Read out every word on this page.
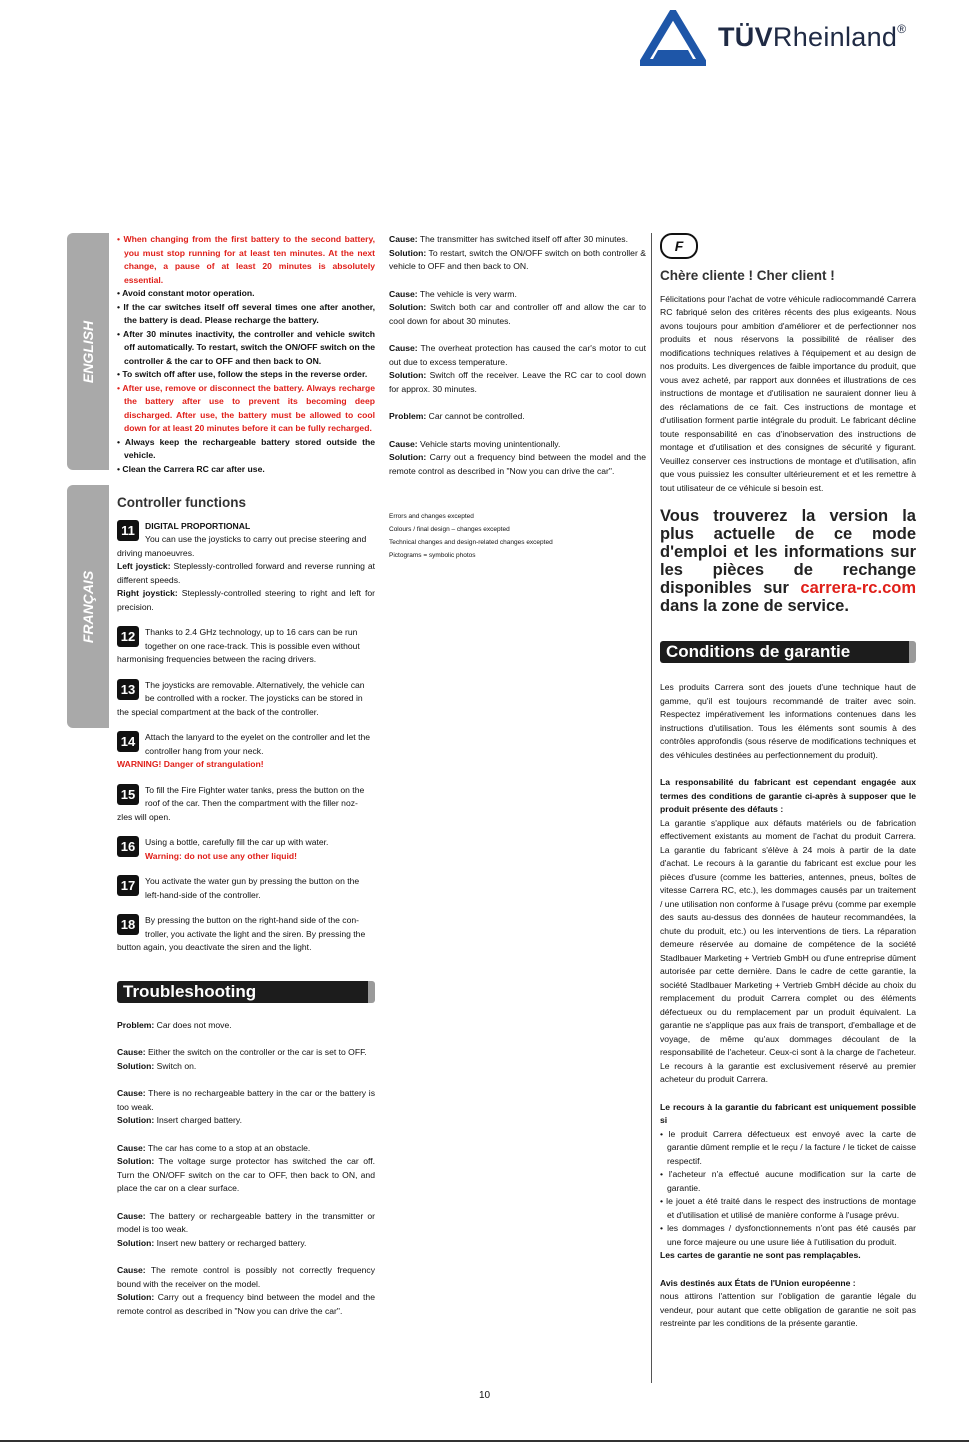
TÜVRheinland®
ENGLISH
FRANÇAIS

• When changing from the first battery to the second battery, you must stop running for at least ten minutes. At the next change, a pause of at least 20 minutes is absolutely essential.

• Avoid constant motor operation.

• If the car switches itself off several times one after another, the battery is dead. Please recharge the battery.

• After 30 minutes inactivity, the controller and vehicle switch off automatically. To restart, switch the ON/OFF switch on the controller & the car to OFF and then back to ON.

• To switch off after use, follow the steps in the reverse order.

• After use, remove or disconnect the battery. Always recharge the battery after use to prevent its becoming deep discharged. After use, the battery must be allowed to cool down for at least 20 minutes before it can be fully recharged.

• Always keep the rechargeable battery stored outside the vehicle.

• Clean the Carrera RC car after use.

Controller functions
11	DIGITAL PROPORTIONAL
You can use the joysticks to carry out precise steering and
driving manoeuvres.

Left joystick: Steplessly-controlled forward and reverse running at different speeds.

Right joystick: Steplessly-controlled steering to right and left for precision.

12	Thanks to 2.4 GHz technology, up to 16 cars can be run
together on one race-track. This is possible even without
harmonising frequencies between the racing drivers.
13	The joysticks are removable. Alternatively, the vehicle can
be controlled with a rocker. The joysticks can be stored in
the special compartment at the back of the controller.
14	Attach the lanyard to the eyelet on the controller and let the
controller hang from your neck.
WARNING! Danger of strangulation!
15	To fill the Fire Fighter water tanks, press the button on the
roof of the car. Then the compartment with the filler noz-
zles will open.
16	Using a bottle, carefully fill the car up with water.
Warning: do not use any other liquid!
17	You activate the water gun by pressing the button on the
left-hand-side of the controller.
18	By pressing the button on the right-hand side of the con-
troller, you activate the light and the siren. By pressing the
button again, you deactivate the siren and the light.
Troubleshooting

Problem: Car does not move.

Cause: Either the switch on the controller or the car is set to OFF.

Solution: Switch on.

Cause: There is no rechargeable battery in the car or the battery is too weak.

Solution: Insert charged battery.

Cause: The car has come to a stop at an obstacle.

Solution: The voltage surge protector has switched the car off. Turn the ON/OFF switch on the car to OFF, then back to ON, and place the car on a clear surface.

Cause: The battery or rechargeable battery in the transmitter or model is too weak.

Solution: Insert new battery or recharged battery.

Cause: The remote control is possibly not correctly frequency bound with the receiver on the model.

Solution: Carry out a frequency bind between the model and the remote control as described in "Now you can drive the car".

Cause: The transmitter has switched itself off after 30 minutes.

Solution: To restart, switch the ON/OFF switch on both controller & vehicle to OFF and then back to ON.

Cause: The vehicle is very warm.

Solution: Switch both car and controller off and allow the car to cool down for about 30 minutes.

Cause: The overheat protection has caused the car's motor to cut out due to excess temperature.

Solution: Switch off the receiver. Leave the RC car to cool down for approx. 30 minutes.

Problem: Car cannot be controlled.

Cause: Vehicle starts moving unintentionally.

Solution: Carry out a frequency bind between the model and the remote control as described in "Now you can drive the car".

Errors and changes excepted

Colours / final design – changes excepted

Technical changes and design-related changes excepted

Pictograms = symbolic photos

F
Chère cliente ! Cher client !

Félicitations pour l'achat de votre véhicule radiocommandé Carrera RC fabriqué selon des critères récents des plus exigeants. Nous avons toujours pour ambition d'améliorer et de perfectionner nos produits et nous réservons la possibilité de réaliser des modifications techniques relatives à l'équipement et au design de nos produits. Les divergences de faible importance du produit, que vous avez acheté, par rapport aux données et illustrations de ces instructions de montage et d'utilisation ne sauraient donner lieu à des réclamations de ce fait. Ces instructions de montage et d'utilisation forment partie intégrale du produit. Le fabricant décline toute responsabilité en cas d'inobservation des instructions de montage et d'utilisation et des consignes de sécurité y figurant. Veuillez conserver ces instructions de montage et d'utilisation, afin que vous puissiez les consulter ultérieurement et et les remettre à tout utilisateur de ce véhicule si besoin est.

Vous trouverez la version la plus actuelle de ce mode d'emploi et les informations sur les pièces de rechange disponibles sur carrera-rc.com dans la zone de service.
Conditions de garantie

Les produits Carrera sont des jouets d'une technique haut de gamme, qu'il est toujours recommandé de traiter avec soin. Respectez impérativement les informations contenues dans les instructions d'utilisation. Tous les éléments sont soumis à des contrôles approfondis (sous réserve de modifications techniques et des véhicules destinées au perfectionnement du produit).

La responsabilité du fabricant est cependant engagée aux termes des conditions de garantie ci-après à supposer que le produit présente des défauts :

La garantie s'applique aux défauts matériels ou de fabrication effectivement existants au moment de l'achat du produit Carrera. La garantie du fabricant s'élève à 24 mois à partir de la date d'achat. Le recours à la garantie du fabricant est exclue pour les pièces d'usure (comme les batteries, antennes, pneus, boîtes de vitesse Carrera RC, etc.), les dommages causés par un traitement / une utilisation non conforme à l'usage prévu (comme par exemple des sauts au-dessus des données de hauteur recommandées, la chute du produit, etc.) ou les interventions de tiers. La réparation demeure réservée au domaine de compétence de la société Stadlbauer Marketing + Vertrieb GmbH ou d'une entreprise dûment autorisée par cette dernière. Dans le cadre de cette garantie, la société Stadlbauer Marketing + Vertrieb GmbH décide au choix du remplacement du produit Carrera complet ou des éléments défectueux ou du remplacement par un produit équivalent. La garantie ne s'applique pas aux frais de transport, d'emballage et de voyage, de même qu'aux dommages découlant de la responsabilité de l'acheteur. Ceux-ci sont à la charge de l'acheteur. Le recours à la garantie est exclusivement réservé au premier acheteur du produit Carrera.

Le recours à la garantie du fabricant est uniquement possible si

• le produit Carrera défectueux est envoyé avec la carte de garantie dûment remplie et le reçu / la facture / le ticket de caisse respectif.

• l'acheteur n'a effectué aucune modification sur la carte de garantie.

• le jouet a été traité dans le respect des instructions de montage et d'utilisation et utilisé de manière conforme à l'usage prévu.

• les dommages / dysfonctionnements n'ont pas été causés par une force majeure ou une usure liée à l'utilisation du produit.

Les cartes de garantie ne sont pas remplaçables.

Avis destinés aux États de l'Union européenne :

nous attirons l'attention sur l'obligation de garantie légale du vendeur, pour autant que cette obligation de garantie ne soit pas restreinte par les conditions de la présente garantie.

10
